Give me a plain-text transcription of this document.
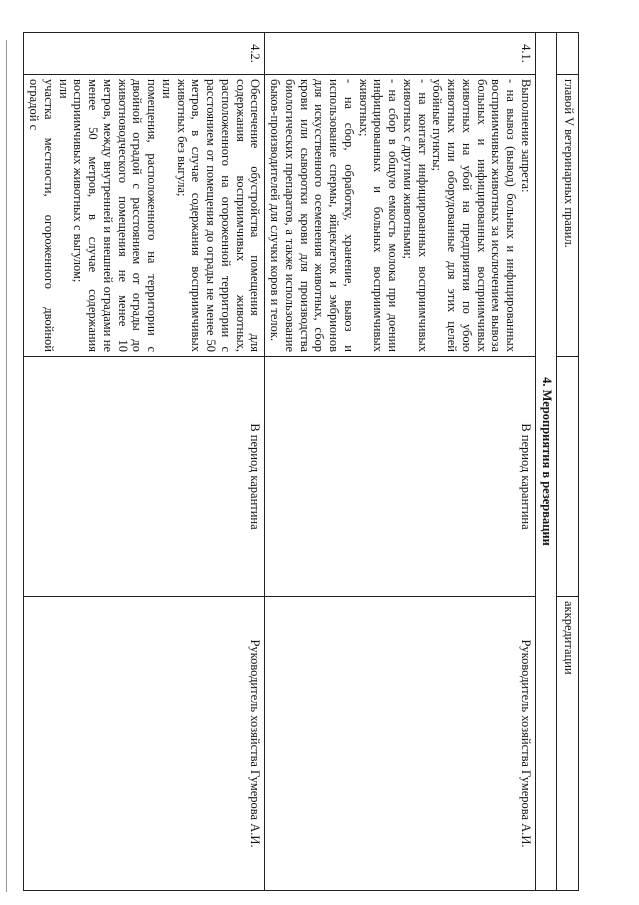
	главой V ветеринарных правил.		аккредитации
4. Мероприятия в резервации			
4.1.	Выполнение запрета:

- на вывоз (вывод) больных и инфицированных восприимчивых животных за исключением вывоза больных и инфицированных восприимчивых животных на убой на предприятия по убою животных или оборудованные для этих целей убойные пункты;

- на контакт инфицированных восприимчивых животных с другими животными;

- на сбор в общую емкость молока при доении инфицированных и больных восприимчивых животных;

- на сбор, обработку, хранение, вывоз и использование спермы, яйцеклеток и эмбрионов для искусственного осеменения животных, сбор крови или сыворотки крови для производства биологических препаратов, а также использование быков-производителей для случки коров и телок.	В период карантина	Руководитель хозяйства Гумерова А.И.
4.2.	Обеспечение обустройства помещения для содержания восприимчивых животных, расположенного на огороженной территории с расстоянием от помещения до ограды не менее 50 метров, в случае содержания восприимчивых животных без выгула;

или

помещения, расположенного на территории с двойной оградой с расстоянием от ограды до животноводческого помещения не менее 10 метров, между внутренней и внешней оградами не менее 50 метров, в случае содержания восприимчивых животных с выгулом;

или

участка местности, огороженного двойной оградой с	В период карантина	Руководитель хозяйства Гумерова А.И.
